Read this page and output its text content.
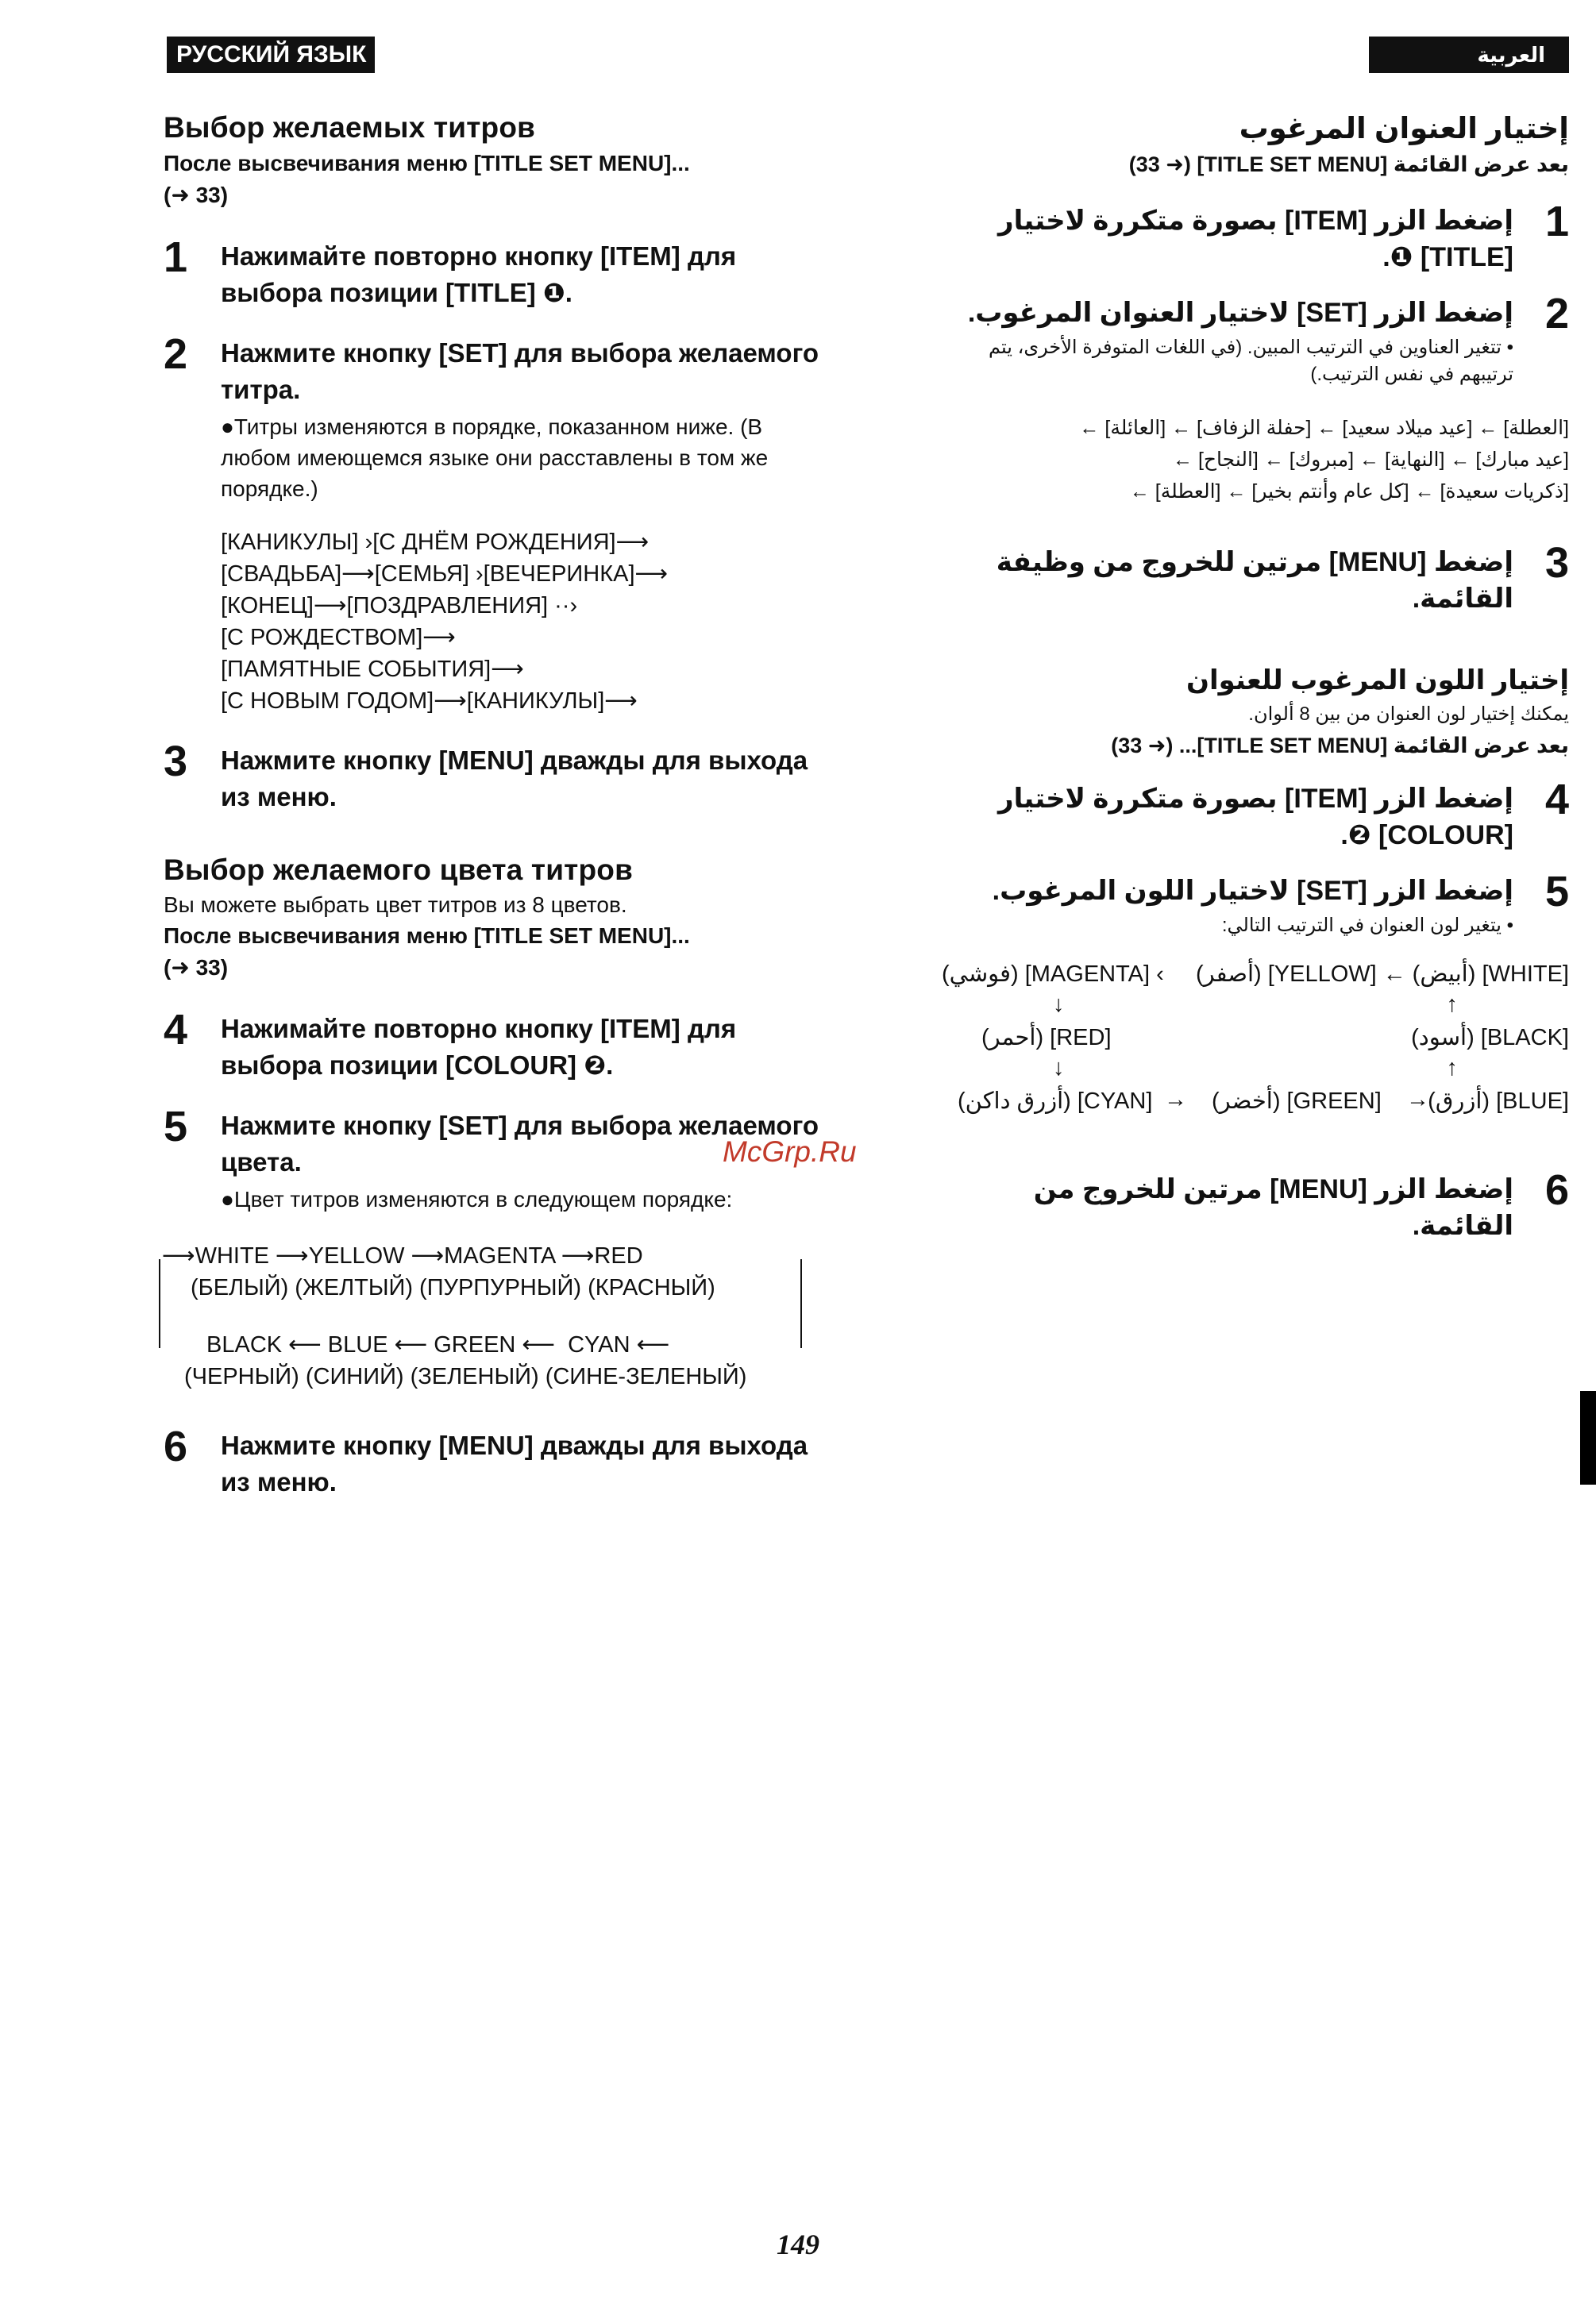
РУССКИЙ ЯЗЫК	العربية
Выбор желаемых титров

После высвечивания меню [TITLE SET MENU]...

(➜ 33)

1 Нажимайте повторно кнопку [ITEM] для выбора позиции [TITLE] ❶.
2 Нажмите кнопку [SET] для выбора желаемого титра.
●Титры изменяются в порядке, показанном ниже. (В любом имеющемся языке они расставлены в том же порядке.)
[КАНИКУЛЫ] ›[С ДНЁМ РОЖДЕНИЯ]⟶
[СВАДЬБА]⟶[СЕМЬЯ] ›[ВЕЧЕРИНКА]⟶
[КОНЕЦ]⟶[ПОЗДРАВЛЕНИЯ] ··›
[С РОЖДЕСТВОМ]⟶
[ПАМЯТНЫЕ СОБЫТИЯ]⟶
[С НОВЫМ ГОДОМ]⟶[КАНИКУЛЫ]⟶
3 Нажмите кнопку [MENU] дважды для выхода из меню.
Выбор желаемого цвета титров

Вы можете выбрать цвет титров из 8 цветов.

После высвечивания меню [TITLE SET MENU]...

(➜ 33)

4 Нажимайте повторно кнопку [ITEM] для выбора позиции [COLOUR] ❷.
5 Нажмите кнопку [SET] для выбора желаемого цвета.
●Цвет титров изменяются в следующем порядке:
⟶WHITE ⟶YELLOW ⟶MAGENTA ⟶RED
(БЕЛЫЙ) (ЖЕЛТЫЙ) (ПУРПУРНЫЙ) (КРАСНЫЙ)
BLACK ⟵ BLUE ⟵ GREEN ⟵  CYAN ⟵
(ЧЕРНЫЙ) (СИНИЙ) (ЗЕЛЕНЫЙ) (СИНЕ-ЗЕЛЕНЫЙ)
6 Нажмите кнопку [MENU] дважды для выхода из меню.
إختيار العنوان المرغوب

بعد عرض القائمة [TITLE SET MENU] (➜ 33)

1
إضغط الزر [ITEM] بصورة متكررة لاختيار [TITLE] ❶.
2
إضغط الزر [SET] لاختيار العنوان المرغوب.
• تتغير العناوين في الترتيب المبين. (في اللغات المتوفرة الأخرى، يتم ترتيبهم في نفس الترتيب.)
[العطلة] ← [عيد ميلاد سعيد] ← [حفلة الزفاف] ← [العائلة] ←
[عيد مبارك] ← [النهاية] ← [مبروك] ← [النجاح] ←
[ذكريات سعيدة] ← [كل عام وأنتم بخير] ← [العطلة] ←
3
إضغط [MENU] مرتين للخروج من وظيفة القائمة.
إختيار اللون المرغوب للعنوان

يمكنك إختيار لون العنوان من بين 8 ألوان.

بعد عرض القائمة [TITLE SET MENU]... (➜ 33)

4
إضغط الزر [ITEM] بصورة متكررة لاختيار [COLOUR] ❷.
5
إضغط الزر [SET] لاختيار اللون المرغوب.
• يتغير لون العنوان في الترتيب التالي:
(فوشي) [MAGENTA] ‹ (أصفر) [YELLOW] ← (أبيض) [WHITE]
↓
(أحمر) [RED]
↑
(أسود) [BLACK]
↓	↑
(أزرق داكن) [CYAN] → (أخضر) [GREEN] →
(أزرق) [BLUE]
6
إضغط الزر [MENU] مرتين للخروج من القائمة.
McGrp.Ru
149
